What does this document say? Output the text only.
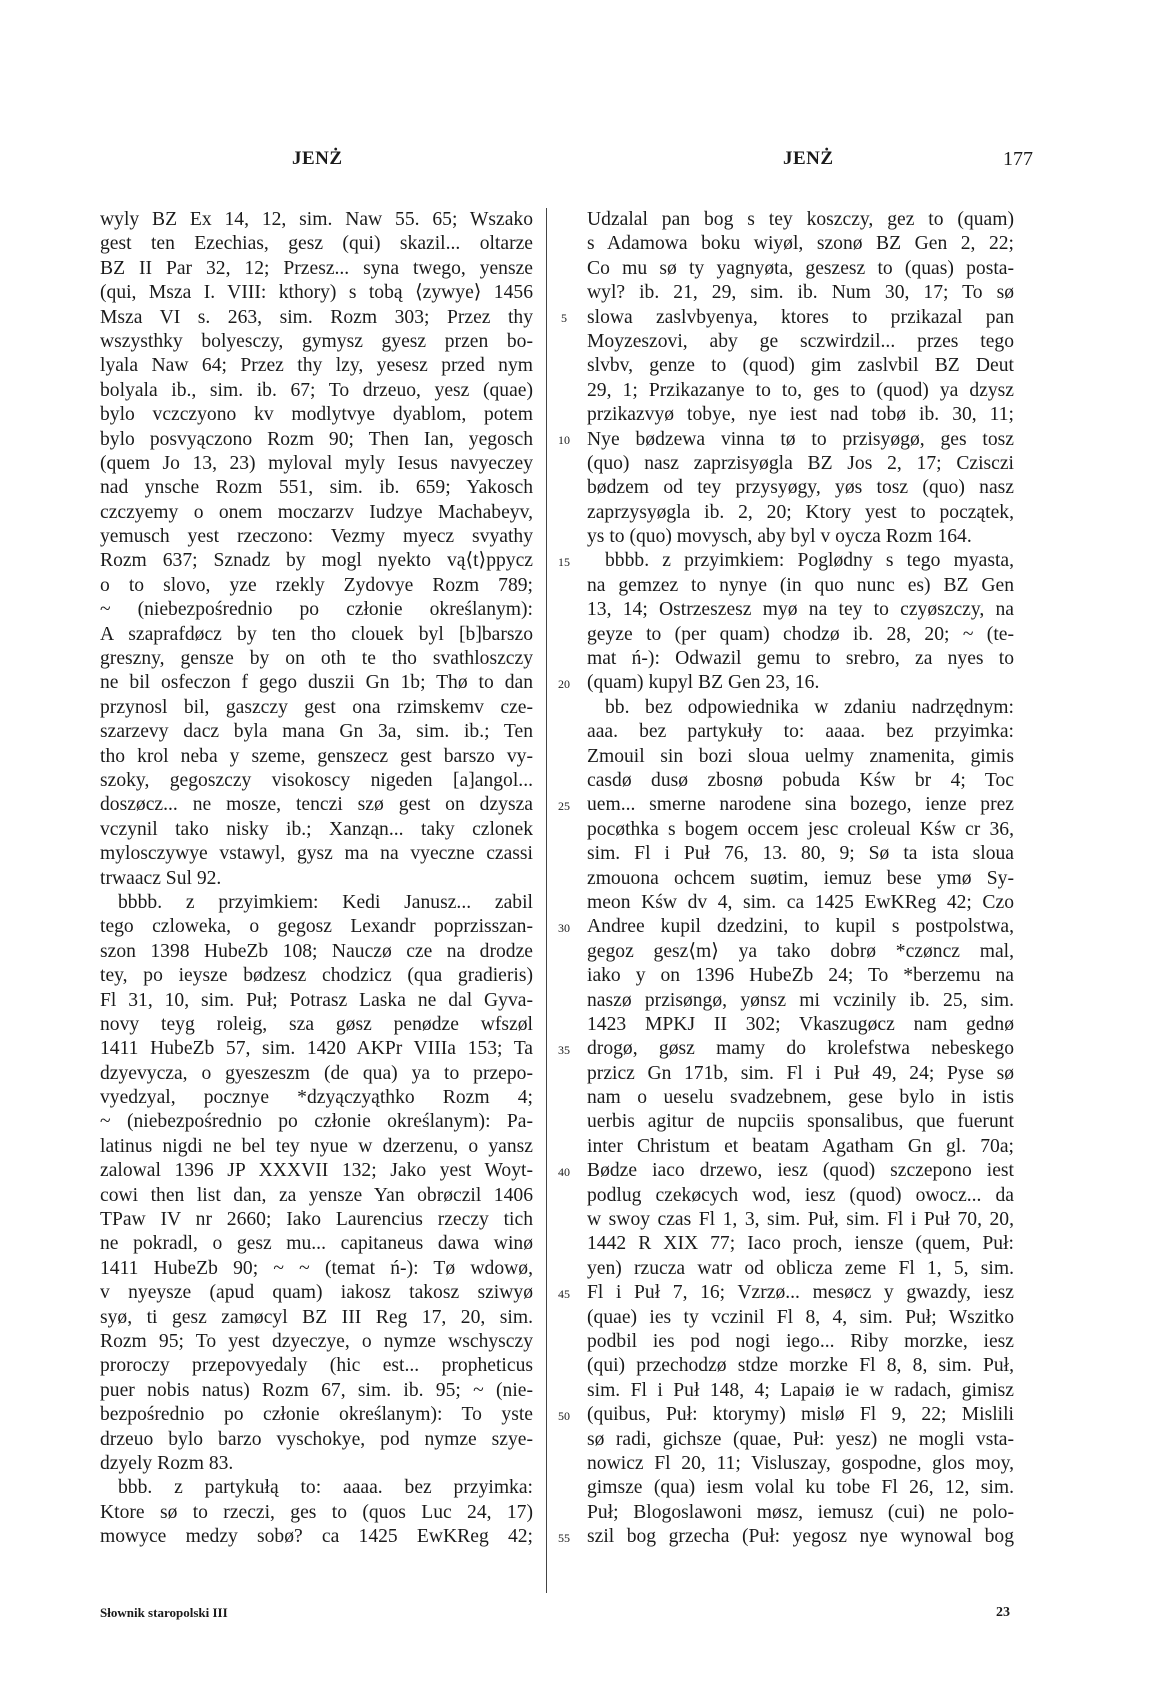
JENŻ	JENŻ	177
wyly BZ Ex 14, 12, sim. Naw 55. 65; Wszako
gest ten Ezechias, gesz (qui) skazil... oltarze
BZ II Par 32, 12; Przesz... syna twego, yensze
(qui, Msza I. VIII: kthory) s tobą ⟨zywye⟩ 1456
Msza VI s. 263, sim. Rozm 303; Przez thy
wszysthky bolyesczy, gymysz gyesz przen bo-
lyala Naw 64; Przez thy lzy, yesesz przed nym
bolyala ib., sim. ib. 67; To drzeuo, yesz (quae)
bylo vczczyono kv modlytvye dyablom, potem
bylo posvyączono Rozm 90; Then Ian, yegosch
(quem Jo 13, 23) myloval myly Iesus navyeczey
nad ynsche Rozm 551, sim. ib. 659; Yakosch
czczyemy o onem moczarzv Iudzye Machabeyv,
yemusch yest rzeczono: Vezmy myecz svyathy
Rozm 637; Sznadz by mogl nyekto vą⟨t⟩ppycz
o to slovo, yze rzekly Zydovye Rozm 789;
~ (niebezpośrednio po członie określanym):
A szaprafdøcz by ten tho clouek byl [b]barszo
greszny, gensze by on oth te tho svathloszczy
ne bil osfeczon f gego duszii Gn 1b; Thø to dan
przynosl bil, gaszczy gest ona rzimskemv cze-
szarzevy dacz byla mana Gn 3a, sim. ib.; Ten
tho krol neba y szeme, genszecz gest barszo vy-
szoky, gegoszczy visokoscy nigeden [a]angol...
doszøcz... ne mosze, tenczi szø gest on dzysza
vczynil tako nisky ib.; Xanząn... taky czlonek
mylosczywye vstawyl, gysz ma na vyeczne czassi
trwaacz Sul 92.
bbbb. z przyimkiem: Kedi Janusz... zabil
tego czloweka, o gegosz Lexandr poprzisszan-
szon 1398 HubeZb 108; Nauczø cze na drodze
tey, po ieysze bødzesz chodzicz (qua gradieris)
Fl 31, 10, sim. Puł; Potrasz Laska ne dal Gyva-
novy teyg roleig, sza gøsz penødze wfszøl
1411 HubeZb 57, sim. 1420 AKPr VIIIa 153; Ta
dzyevycza, o gyeszeszm (de qua) ya to przepo-
vyedzyal, pocznye *dzyączyąthko Rozm 4;
~ (niebezpośrednio po członie określanym): Pa-
latinus nigdi ne bel tey nyue w dzerzenu, o yansz
zalowal 1396 JP XXXVII 132; Jako yest Woyt-
cowi then list dan, za yensze Yan obrøczil 1406
TPaw IV nr 2660; Iako Laurencius rzeczy tich
ne pokradl, o gesz mu... capitaneus dawa winø
1411 HubeZb 90; ~ ~ (temat ń-): Tø wdowø,
v nyeysze (apud quam) iakosz takosz sziwyø
syø, ti gesz zamøcyl BZ III Reg 17, 20, sim.
Rozm 95; To yest dzyeczye, o nymze wschysczy
proroczy przepovyedaly (hic est... propheticus
puer nobis natus) Rozm 67, sim. ib. 95; ~ (nie-
bezpośrednio po członie określanym): To yste
drzeuo bylo barzo vyschokye, pod nymze szye-
dzyely Rozm 83.
bbb. z partykułą to: aaaa. bez przyimka:
Ktore sø to rzeczi, ges to (quos Luc 24, 17)
mowyce medzy sobø? ca 1425 EwKReg 42;
5
10
15
20
25
30
35
40
45
50
55
Udzalal pan bog s tey koszczy, gez to (quam)
s Adamowa boku wiyøl, szonø BZ Gen 2, 22;
Co mu sø ty yagnyøta, geszesz to (quas) posta-
wyl? ib. 21, 29, sim. ib. Num 30, 17; To sø
slowa zaslvbyenya, ktores to przikazal pan
Moyzeszovi, aby ge sczwirdzil... przes tego
slvbv, genze to (quod) gim zaslvbil BZ Deut
29, 1; Przikazanye to to, ges to (quod) ya dzysz
przikazvyø tobye, nye iest nad tobø ib. 30, 11;
Nye bødzewa vinna tø to przisyøgø, ges tosz
(quo) nasz zaprzisyøgla BZ Jos 2, 17; Czisczi
bødzem od tey przysyøgy, yøs tosz (quo) nasz
zaprzysyøgla ib. 2, 20; Ktory yest to początek,
ys to (quo) movysch, aby byl v oycza Rozm 164.
bbbb. z przyimkiem: Poglødny s tego myasta,
na gemzez to nynye (in quo nunc es) BZ Gen
13, 14; Ostrzeszesz myø na tey to czyøszczy, na
geyze to (per quam) chodzø ib. 28, 20; ~ (te-
mat ń-): Odwazil gemu to srebro, za nyes to
(quam) kupyl BZ Gen 23, 16.
bb. bez odpowiednika w zdaniu nadrzędnym:
aaa. bez partykuły to: aaaa. bez przyimka:
Zmouil sin bozi sloua uelmy znamenita, gimis
casdø dusø zbosnø pobuda Kśw br 4; Toc
uem... smerne narodene sina bozego, ienze prez
pocøthka s bogem occem jesc croleual Kśw cr 36,
sim. Fl i Puł 76, 13. 80, 9; Sø ta ista sloua
zmouona ochcem suøtim, iemuz bese ymø Sy-
meon Kśw dv 4, sim. ca 1425 EwKReg 42; Czo
Andree kupil dzedzini, to kupil s postpolstwa,
gegoz gesz⟨m⟩ ya tako dobrø *czøncz mal,
iako y on 1396 HubeZb 24; To *berzemu na
naszø przisøngø, yønsz mi vczinily ib. 25, sim.
1423 MPKJ II 302; Vkaszugøcz nam gednø
drogø, gøsz mamy do krolefstwa nebeskego
przicz Gn 171b, sim. Fl i Puł 49, 24; Pyse sø
nam o ueselu svadzebnem, gese bylo in istis
uerbis agitur de nupciis sponsalibus, que fuerunt
inter Christum et beatam Agatham Gn gl. 70a;
Bødze iaco drzewo, iesz (quod) szczepono iest
podlug czekøcych wod, iesz (quod) owocz... da
w swoy czas Fl 1, 3, sim. Puł, sim. Fl i Puł 70, 20,
1442 R XIX 77; Iaco proch, iensze (quem, Puł:
yen) rzucza watr od oblicza zeme Fl 1, 5, sim.
Fl i Puł 7, 16; Vzrzø... mesøcz y gwazdy, iesz
(quae) ies ty vczinil Fl 8, 4, sim. Puł; Wszitko
podbil ies pod nogi iego... Riby morzke, iesz
(qui) przechodzø stdze morzke Fl 8, 8, sim. Puł,
sim. Fl i Puł 148, 4; Lapaiø ie w radach, gimisz
(quibus, Puł: ktorymy) mislø Fl 9, 22; Mislili
sø radi, gichsze (quae, Puł: yesz) ne mogli vsta-
nowicz Fl 20, 11; Visluszay, gospodne, glos moy,
gimsze (qua) iesm volal ku tobe Fl 26, 12, sim.
Puł; Blogoslawoni møsz, iemusz (cui) ne polo-
szil bog grzecha (Puł: yegosz nye wynowal bog
Słownik staropolski III	23
